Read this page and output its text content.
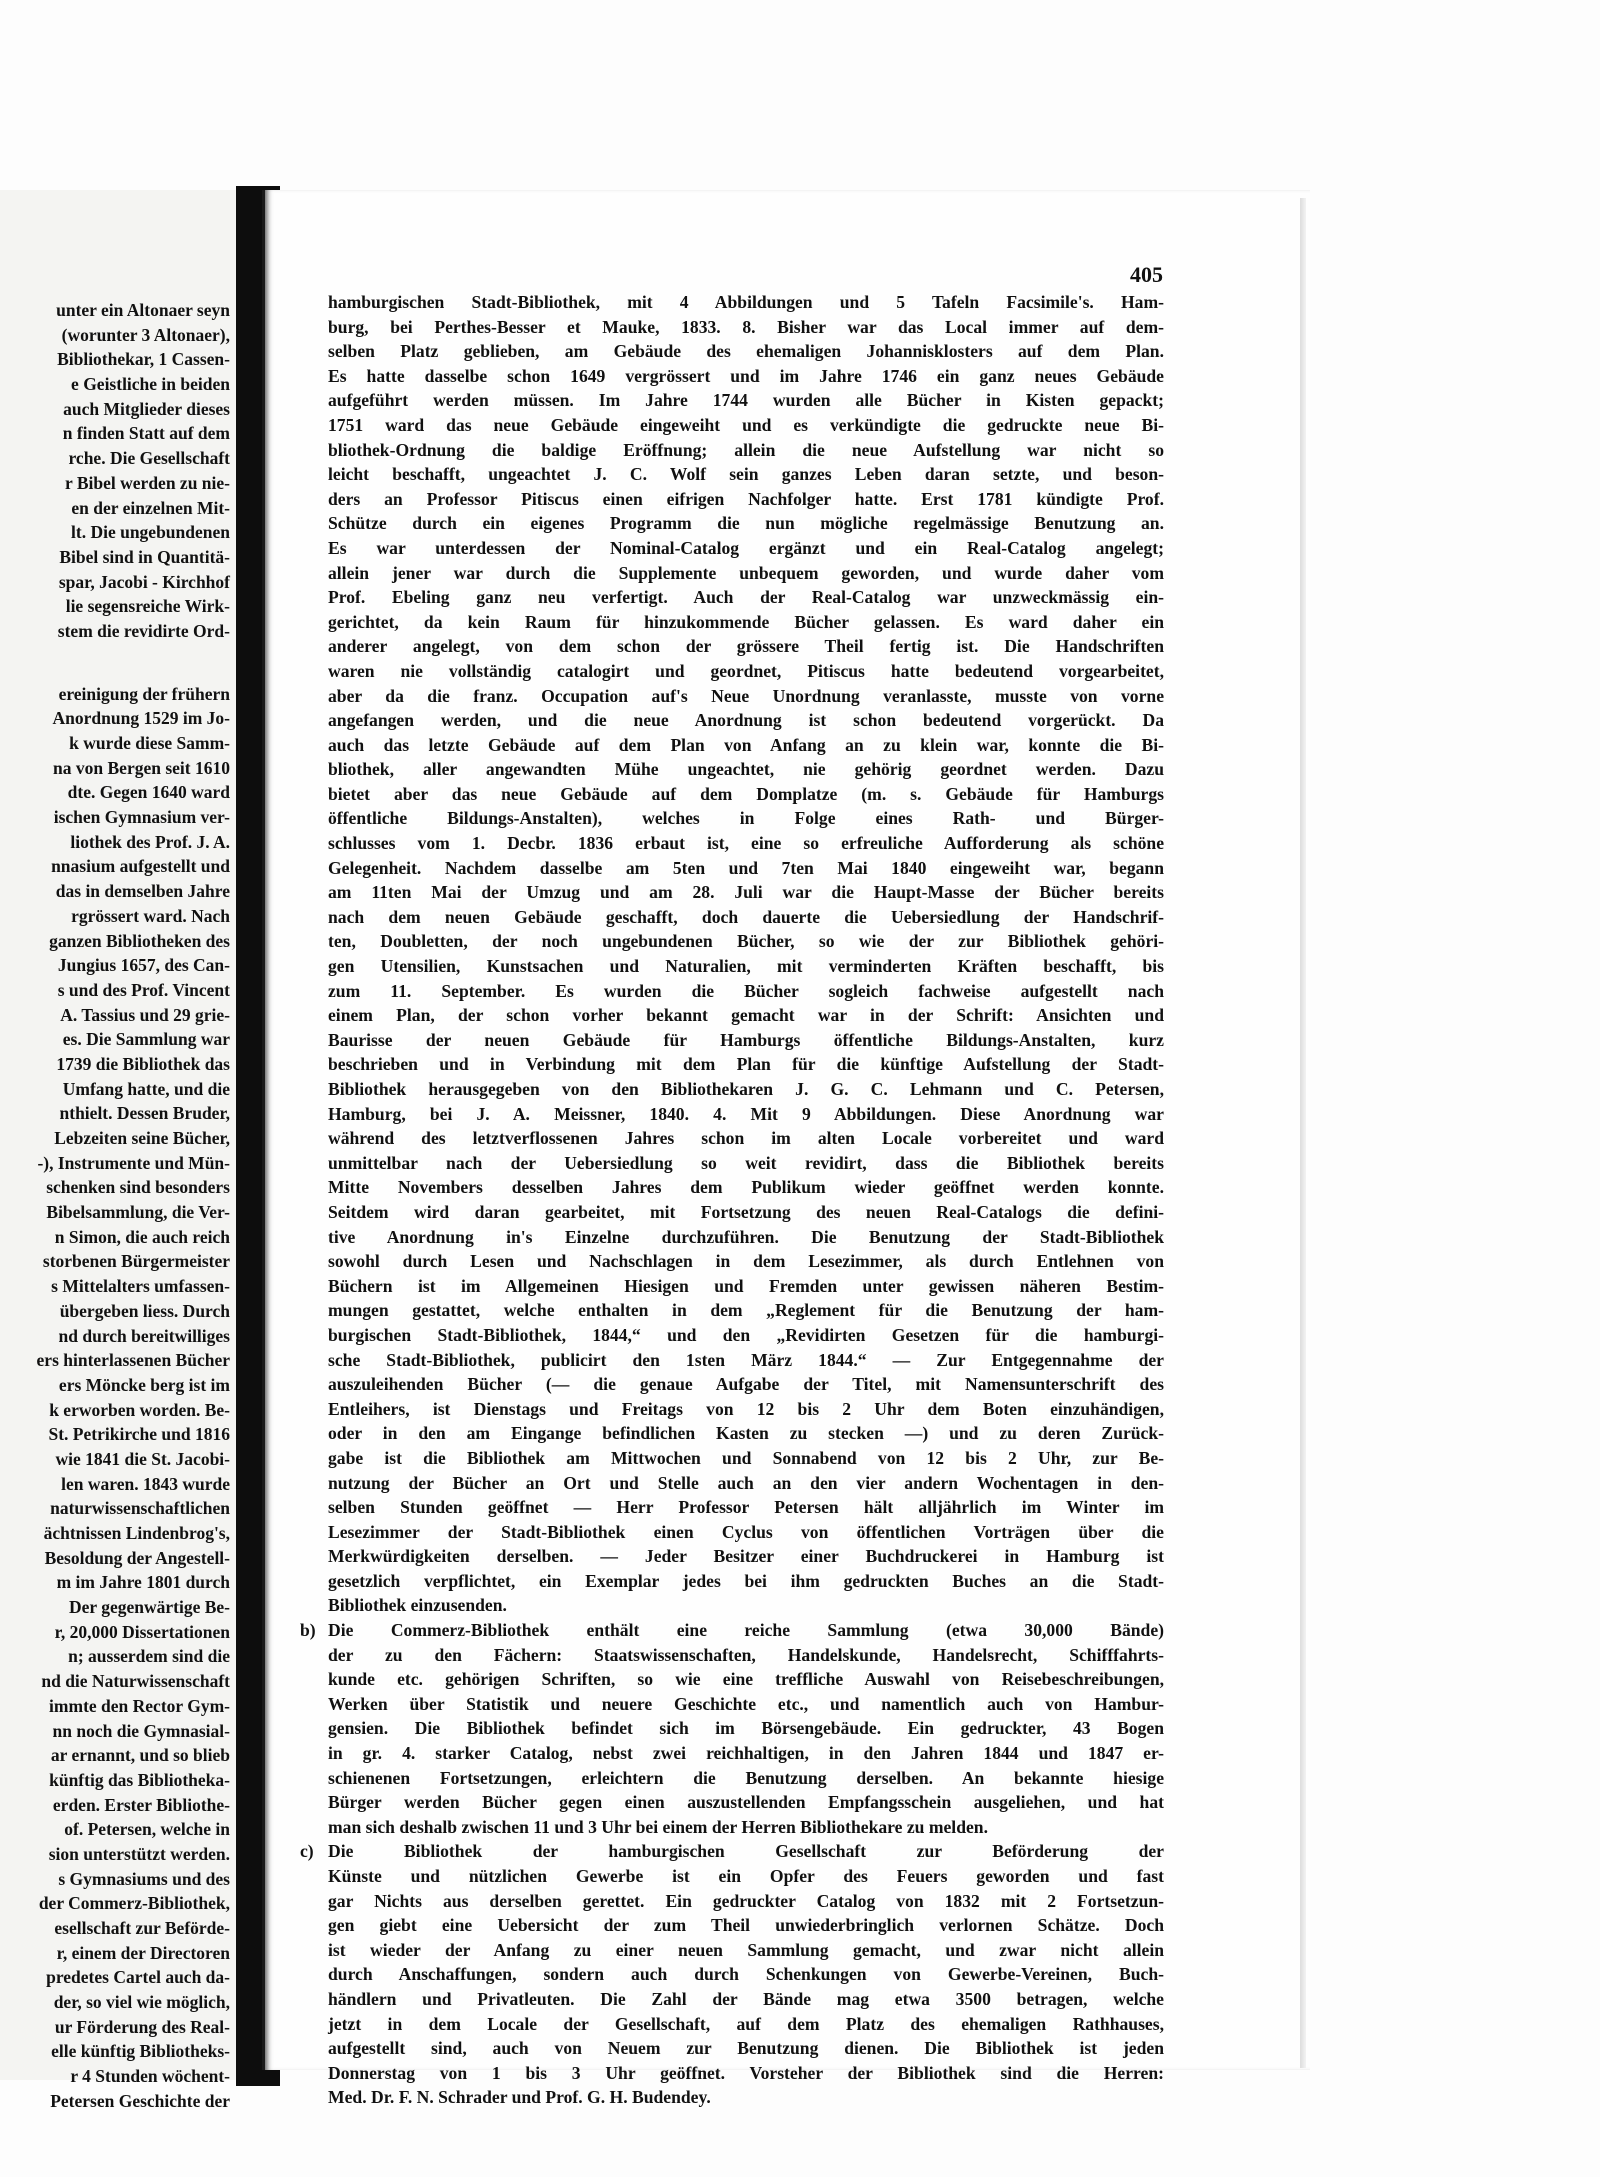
unter ein Altonaer seyn
(worunter 3 Altonaer),
Bibliothekar, 1 Cassen-
e Geistliche in beiden
auch Mitglieder dieses
n finden Statt auf dem
rche. Die Gesellschaft
r Bibel werden zu nie-
en der einzelnen Mit-
lt. Die ungebundenen
Bibel sind in Quantitä-
spar, Jacobi - Kirchhof
lie segensreiche Wirk-
stem die revidirte Ord-
ereinigung der frühern
Anordnung 1529 im Jo-
k wurde diese Samm-
na von Bergen seit 1610
dte. Gegen 1640 ward
ischen Gymnasium ver-
liothek des Prof. J. A.
nnasium aufgestellt und
das in demselben Jahre
rgrössert ward. Nach
ganzen Bibliotheken des
Jungius 1657, des Can-
s und des Prof. Vincent
A. Tassius und 29 grie-
es. Die Sammlung war
1739 die Bibliothek das
Umfang hatte, und die
nthielt. Dessen Bruder,
Lebzeiten seine Bücher,
-), Instrumente und Mün-
schenken sind besonders
Bibelsammlung, die Ver-
n Simon, die auch reich
storbenen Bürgermeister
s Mittelalters umfassen-
übergeben liess. Durch
nd durch bereitwilliges
ers hinterlassenen Bücher
ers Möncke berg ist im
k erworben worden. Be-
St. Petrikirche und 1816
wie 1841 die St. Jacobi-
len waren. 1843 wurde
naturwissenschaftlichen
ächtnissen Lindenbrog's,
Besoldung der Angestell-
m im Jahre 1801 durch
Der gegenwärtige Be-
r, 20,000 Dissertationen
n; ausserdem sind die
nd die Naturwissenschaft
immte den Rector Gym-
nn noch die Gymnasial-
ar ernannt, und so blieb
künftig das Bibliotheka-
erden. Erster Bibliothe-
of. Petersen, welche in
sion unterstützt werden.
s Gymnasiums und des
der Commerz-Bibliothek,
esellschaft zur Beförde-
r, einem der Directoren
predetes Cartel auch da-
der, so viel wie möglich,
ur Förderung des Real-
elle künftig Bibliotheks-
r 4 Stunden wöchent-
Petersen Geschichte der
405
hamburgischen Stadt-Bibliothek, mit 4 Abbildungen und 5 Tafeln Facsimile's. Ham-
burg, bei Perthes-Besser et Mauke, 1833. 8. Bisher war das Local immer auf dem-
selben Platz geblieben, am Gebäude des ehemaligen Johannisklosters auf dem Plan.
Es hatte dasselbe schon 1649 vergrössert und im Jahre 1746 ein ganz neues Gebäude
aufgeführt werden müssen. Im Jahre 1744 wurden alle Bücher in Kisten gepackt;
1751 ward das neue Gebäude eingeweiht und es verkündigte die gedruckte neue Bi-
bliothek-Ordnung die baldige Eröffnung; allein die neue Aufstellung war nicht so
leicht beschafft, ungeachtet J. C. Wolf sein ganzes Leben daran setzte, und beson-
ders an Professor Pitiscus einen eifrigen Nachfolger hatte. Erst 1781 kündigte Prof.
Schütze durch ein eigenes Programm die nun mögliche regelmässige Benutzung an.
Es war unterdessen der Nominal-Catalog ergänzt und ein Real-Catalog angelegt;
allein jener war durch die Supplemente unbequem geworden, und wurde daher vom
Prof. Ebeling ganz neu verfertigt. Auch der Real-Catalog war unzweckmässig ein-
gerichtet, da kein Raum für hinzukommende Bücher gelassen. Es ward daher ein
anderer angelegt, von dem schon der grössere Theil fertig ist. Die Handschriften
waren nie vollständig catalogirt und geordnet, Pitiscus hatte bedeutend vorgearbeitet,
aber da die franz. Occupation auf's Neue Unordnung veranlasste, musste von vorne
angefangen werden, und die neue Anordnung ist schon bedeutend vorgerückt. Da
auch das letzte Gebäude auf dem Plan von Anfang an zu klein war, konnte die Bi-
bliothek, aller angewandten Mühe ungeachtet, nie gehörig geordnet werden. Dazu
bietet aber das neue Gebäude auf dem Domplatze (m. s. Gebäude für Hamburgs
öffentliche Bildungs-Anstalten), welches in Folge eines Rath- und Bürger-
schlusses vom 1. Decbr. 1836 erbaut ist, eine so erfreuliche Aufforderung als schöne
Gelegenheit. Nachdem dasselbe am 5ten und 7ten Mai 1840 eingeweiht war, begann
am 11ten Mai der Umzug und am 28. Juli war die Haupt-Masse der Bücher bereits
nach dem neuen Gebäude geschafft, doch dauerte die Uebersiedlung der Handschrif-
ten, Doubletten, der noch ungebundenen Bücher, so wie der zur Bibliothek gehöri-
gen Utensilien, Kunstsachen und Naturalien, mit verminderten Kräften beschafft, bis
zum 11. September. Es wurden die Bücher sogleich fachweise aufgestellt nach
einem Plan, der schon vorher bekannt gemacht war in der Schrift: Ansichten und
Baurisse der neuen Gebäude für Hamburgs öffentliche Bildungs-Anstalten, kurz
beschrieben und in Verbindung mit dem Plan für die künftige Aufstellung der Stadt-
Bibliothek herausgegeben von den Bibliothekaren J. G. C. Lehmann und C. Petersen,
Hamburg, bei J. A. Meissner, 1840. 4. Mit 9 Abbildungen. Diese Anordnung war
während des letztverflossenen Jahres schon im alten Locale vorbereitet und ward
unmittelbar nach der Uebersiedlung so weit revidirt, dass die Bibliothek bereits
Mitte Novembers desselben Jahres dem Publikum wieder geöffnet werden konnte.
Seitdem wird daran gearbeitet, mit Fortsetzung des neuen Real-Catalogs die defini-
tive Anordnung in's Einzelne durchzuführen. Die Benutzung der Stadt-Bibliothek
sowohl durch Lesen und Nachschlagen in dem Lesezimmer, als durch Entlehnen von
Büchern ist im Allgemeinen Hiesigen und Fremden unter gewissen näheren Bestim-
mungen gestattet, welche enthalten in dem „Reglement für die Benutzung der ham-
burgischen Stadt-Bibliothek, 1844,“ und den „Revidirten Gesetzen für die hamburgi-
sche Stadt-Bibliothek, publicirt den 1sten März 1844.“ — Zur Entgegennahme der
auszuleihenden Bücher (— die genaue Aufgabe der Titel, mit Namensunterschrift des
Entleihers, ist Dienstags und Freitags von 12 bis 2 Uhr dem Boten einzuhändigen,
oder in den am Eingange befindlichen Kasten zu stecken —) und zu deren Zurück-
gabe ist die Bibliothek am Mittwochen und Sonnabend von 12 bis 2 Uhr, zur Be-
nutzung der Bücher an Ort und Stelle auch an den vier andern Wochentagen in den-
selben Stunden geöffnet — Herr Professor Petersen hält alljährlich im Winter im
Lesezimmer der Stadt-Bibliothek einen Cyclus von öffentlichen Vorträgen über die
Merkwürdigkeiten derselben. — Jeder Besitzer einer Buchdruckerei in Hamburg ist
gesetzlich verpflichtet, ein Exemplar jedes bei ihm gedruckten Buches an die Stadt-
Bibliothek einzusenden.
b) Die Commerz-Bibliothek enthält eine reiche Sammlung (etwa 30,000 Bände)
der zu den Fächern: Staatswissenschaften, Handelskunde, Handelsrecht, Schifffahrts-
kunde etc. gehörigen Schriften, so wie eine treffliche Auswahl von Reisebeschreibungen,
Werken über Statistik und neuere Geschichte etc., und namentlich auch von Hambur-
gensien. Die Bibliothek befindet sich im Börsengebäude. Ein gedruckter, 43 Bogen
in gr. 4. starker Catalog, nebst zwei reichhaltigen, in den Jahren 1844 und 1847 er-
schienenen Fortsetzungen, erleichtern die Benutzung derselben. An bekannte hiesige
Bürger werden Bücher gegen einen auszustellenden Empfangsschein ausgeliehen, und hat
man sich deshalb zwischen 11 und 3 Uhr bei einem der Herren Bibliothekare zu melden.
c) Die Bibliothek der hamburgischen Gesellschaft zur Beförderung der
Künste und nützlichen Gewerbe ist ein Opfer des Feuers geworden und fast
gar Nichts aus derselben gerettet. Ein gedruckter Catalog von 1832 mit 2 Fortsetzun-
gen giebt eine Uebersicht der zum Theil unwiederbringlich verlornen Schätze. Doch
ist wieder der Anfang zu einer neuen Sammlung gemacht, und zwar nicht allein
durch Anschaffungen, sondern auch durch Schenkungen von Gewerbe-Vereinen, Buch-
händlern und Privatleuten. Die Zahl der Bände mag etwa 3500 betragen, welche
jetzt in dem Locale der Gesellschaft, auf dem Platz des ehemaligen Rathhauses,
aufgestellt sind, auch von Neuem zur Benutzung dienen. Die Bibliothek ist jeden
Donnerstag von 1 bis 3 Uhr geöffnet. Vorsteher der Bibliothek sind die Herren:
Med. Dr. F. N. Schrader und Prof. G. H. Budendey.
